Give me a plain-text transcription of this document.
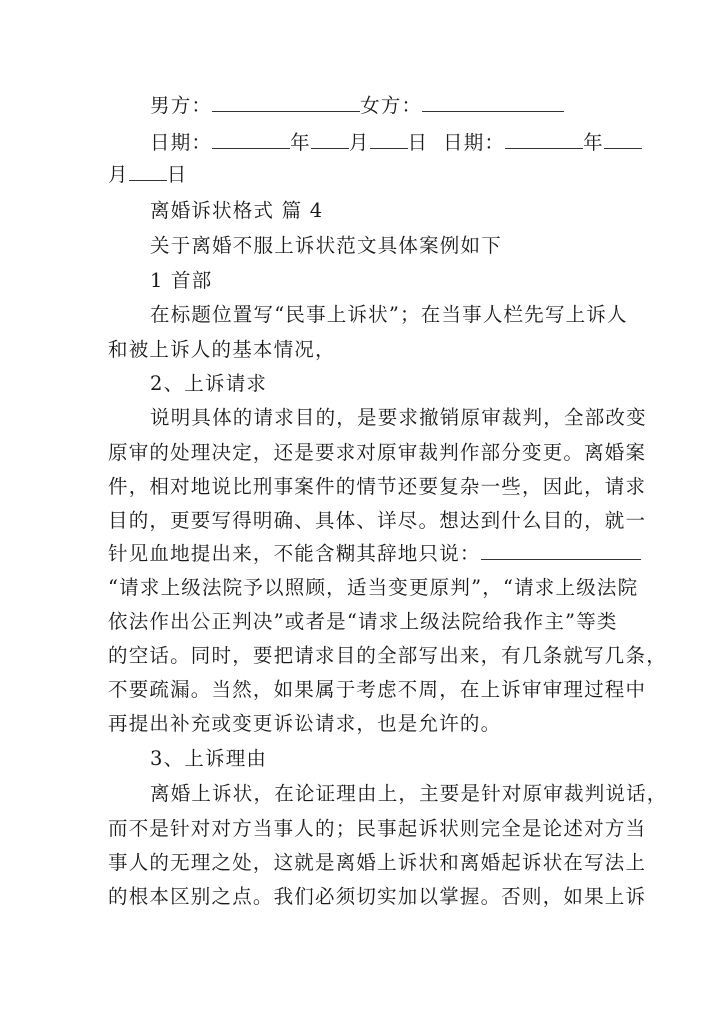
男方：	女方：
日期：	年 月 日 日期：	年
月 日
离婚诉状格式 篇 4
关于离婚不服上诉状范文具体案例如下
1 首部
在标题位置写“民事上诉状”；在当事人栏先写上诉人
和被上诉人的基本情况，
2、上诉请求
说明具体的请求目的，是要求撤销原审裁判，全部改变
原审的处理决定，还是要求对原审裁判作部分变更。离婚案
件，相对地说比刑事案件的情节还要复杂一些，因此，请求
目的，更要写得明确、具体、详尽。想达到什么目的，就一
针见血地提出来，不能含糊其辞地只说：
“请求上级法院予以照顾，适当变更原判”，“请求上级法院
依法作出公正判决”或者是“请求上级法院给我作主”等类
的空话。同时，要把请求目的全部写出来，有几条就写几条，
不要疏漏。当然，如果属于考虑不周，在上诉审审理过程中
再提出补充或变更诉讼请求，也是允许的。
3、上诉理由
离婚上诉状，在论证理由上，主要是针对原审裁判说话，
而不是针对对方当事人的；民事起诉状则完全是论述对方当
事人的无理之处，这就是离婚上诉状和离婚起诉状在写法上
的根本区别之点。我们必须切实加以掌握。否则，如果上诉
